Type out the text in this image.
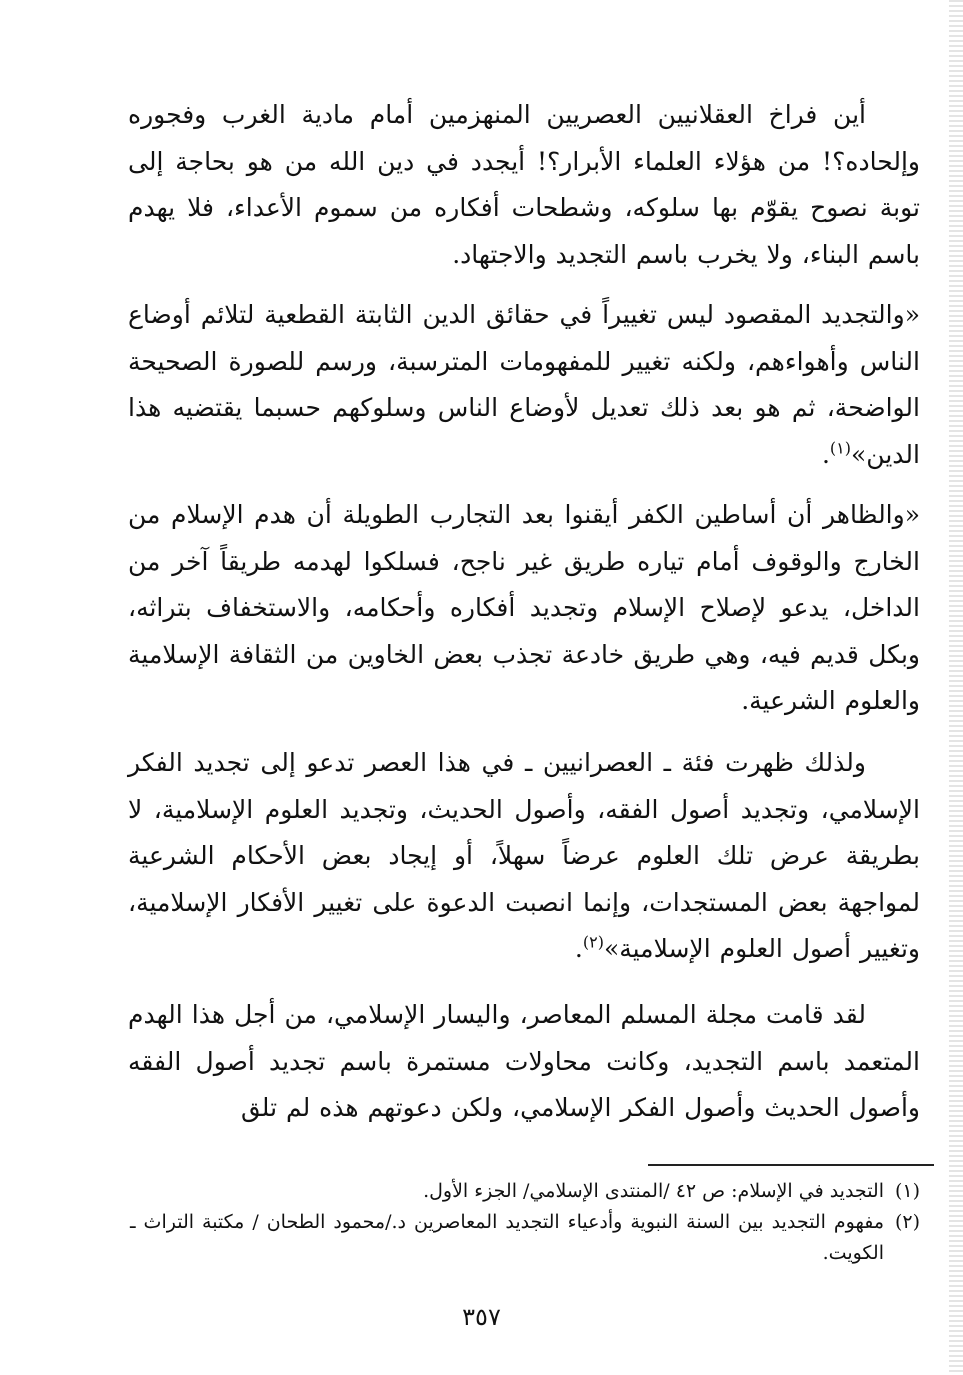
أين فراخ العقلانيين العصريين المنهزمين أمام مادية الغرب وفجوره وإلحاده؟! من هؤلاء العلماء الأبرار؟! أيجدد في دين الله من هو بحاجة إلى توبة نصوح يقوّم بها سلوكه، وشطحات أفكاره من سموم الأعداء، فلا يهدم باسم البناء، ولا يخرب باسم التجديد والاجتهاد.

«والتجديد المقصود ليس تغييراً في حقائق الدين الثابتة القطعية لتلائم أوضاع الناس وأهواءهم، ولكنه تغيير للمفهومات المترسبة، ورسم للصورة الصحيحة الواضحة، ثم هو بعد ذلك تعديل لأوضاع الناس وسلوكهم حسبما يقتضيه هذا الدين»$^{(١)}$.

«والظاهر أن أساطين الكفر أيقنوا بعد التجارب الطويلة أن هدم الإسلام من الخارج والوقوف أمام تياره طريق غير ناجح، فسلكوا لهدمه طريقاً آخر من الداخل، يدعو لإصلاح الإسلام وتجديد أفكاره وأحكامه، والاستخفاف بتراثه، وبكل قديم فيه، وهي طريق خادعة تجذب بعض الخاوين من الثقافة الإسلامية والعلوم الشرعية.

ولذلك ظهرت فئة ـ العصرانيين ـ في هذا العصر تدعو إلى تجديد الفكر الإسلامي، وتجديد أصول الفقه، وأصول الحديث، وتجديد العلوم الإسلامية، لا بطريقة عرض تلك العلوم عرضاً سهلاً، أو إيجاد بعض الأحكام الشرعية لمواجهة بعض المستجدات، وإنما انصبت الدعوة على تغيير الأفكار الإسلامية، وتغيير أصول العلوم الإسلامية»$^{(٢)}$.

لقد قامت مجلة المسلم المعاصر، واليسار الإسلامي، من أجل هذا الهدم المتعمد باسم التجديد، وكانت محاولات مستمرة باسم تجديد أصول الفقه وأصول الحديث وأصول الفكر الإسلامي، ولكن دعوتهم هذه لم تلق

(١)
التجديد في الإسلام: ص ٤٢ /المنتدى الإسلامي/ الجزء الأول.
(٢)
مفهوم التجديد بين السنة النبوية وأدعياء التجديد المعاصرين د./محمود الطحان / مكتبة التراث ـ الكويت.
٣٥٧
